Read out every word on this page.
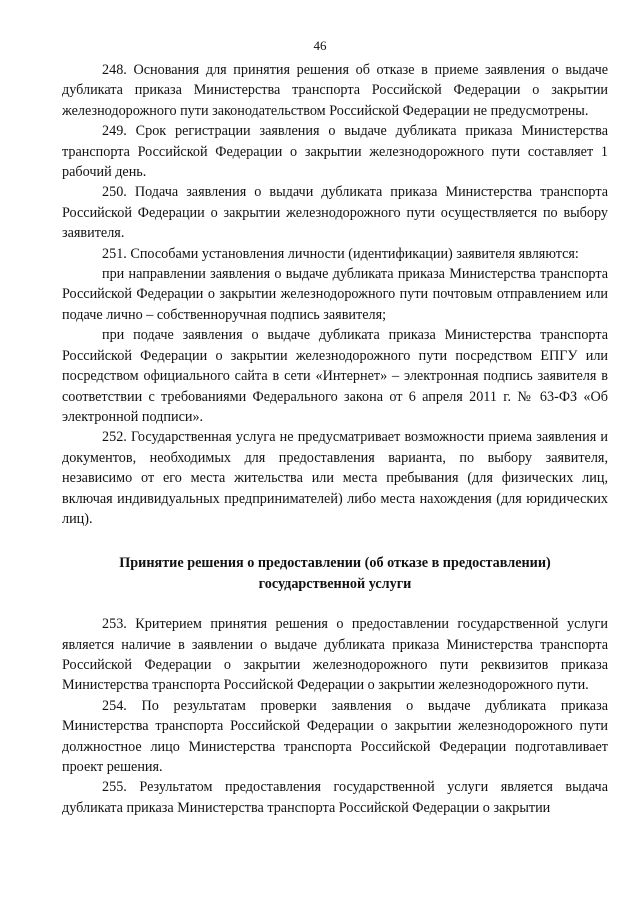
46

248. Основания для принятия решения об отказе в приеме заявления о выдаче дубликата приказа Министерства транспорта Российской Федерации о закрытии железнодорожного пути законодательством Российской Федерации не предусмотрены.

249. Срок регистрации заявления о выдаче дубликата приказа Министерства транспорта Российской Федерации о закрытии железнодорожного пути составляет 1 рабочий день.

250. Подача заявления о выдачи дубликата приказа Министерства транспорта Российской Федерации о закрытии железнодорожного пути осуществляется по выбору заявителя.

251. Способами установления личности (идентификации) заявителя являются:

при направлении заявления о выдаче дубликата приказа Министерства транспорта Российской Федерации о закрытии железнодорожного пути почтовым отправлением или подаче лично – собственноручная подпись заявителя;

при подаче заявления о выдаче дубликата приказа Министерства транспорта Российской Федерации о закрытии железнодорожного пути посредством ЕПГУ или посредством официального сайта в сети «Интернет» – электронная подпись заявителя в соответствии с требованиями Федерального закона от 6 апреля 2011 г. № 63-ФЗ «Об электронной подписи».

252. Государственная услуга не предусматривает возможности приема заявления и документов, необходимых для предоставления варианта, по выбору заявителя, независимо от его места жительства или места пребывания (для физических лиц, включая индивидуальных предпринимателей) либо места нахождения (для юридических лиц).

Принятие решения о предоставлении (об отказе в предоставлении)

государственной услуги

253. Критерием принятия решения о предоставлении государственной услуги является наличие в заявлении о выдаче дубликата приказа Министерства транспорта Российской Федерации о закрытии железнодорожного пути реквизитов приказа Министерства транспорта Российской Федерации о закрытии железнодорожного пути.

254. По результатам проверки заявления о выдаче дубликата приказа Министерства транспорта Российской Федерации о закрытии железнодорожного пути должностное лицо Министерства транспорта Российской Федерации подготавливает проект решения.

255. Результатом предоставления государственной услуги является выдача дубликата приказа Министерства транспорта Российской Федерации о закрытии
